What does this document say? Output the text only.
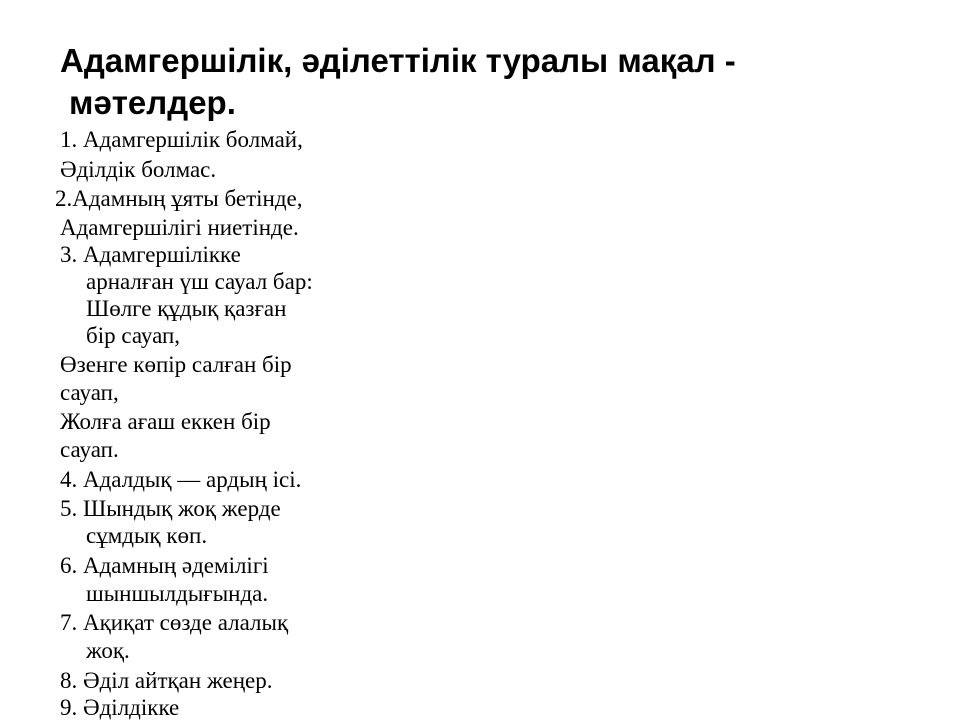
Адамгершілік, әділеттілік туралы мақал -
мәтелдер.
1. Адамгершілік болмай,
Әділдік болмас.
2.Адамның ұяты бетінде,
Адамгершілігі ниетінде.
3. Адамгершілікке
арналған үш сауал бар:
Шөлге құдық қазған
бір сауап,
Өзенге көпір салған бір
сауап,
Жолға ағаш еккен бір
сауап.
4. Адалдық — ардың ісі.
5. Шындық жоқ жерде
сұмдық көп.
6. Адамның әдемілігі
шыншылдығында.
7. Ақиқат сөзде алалық
жоқ.
8. Әділ айтқан жеңер.
9. Әділдікке
